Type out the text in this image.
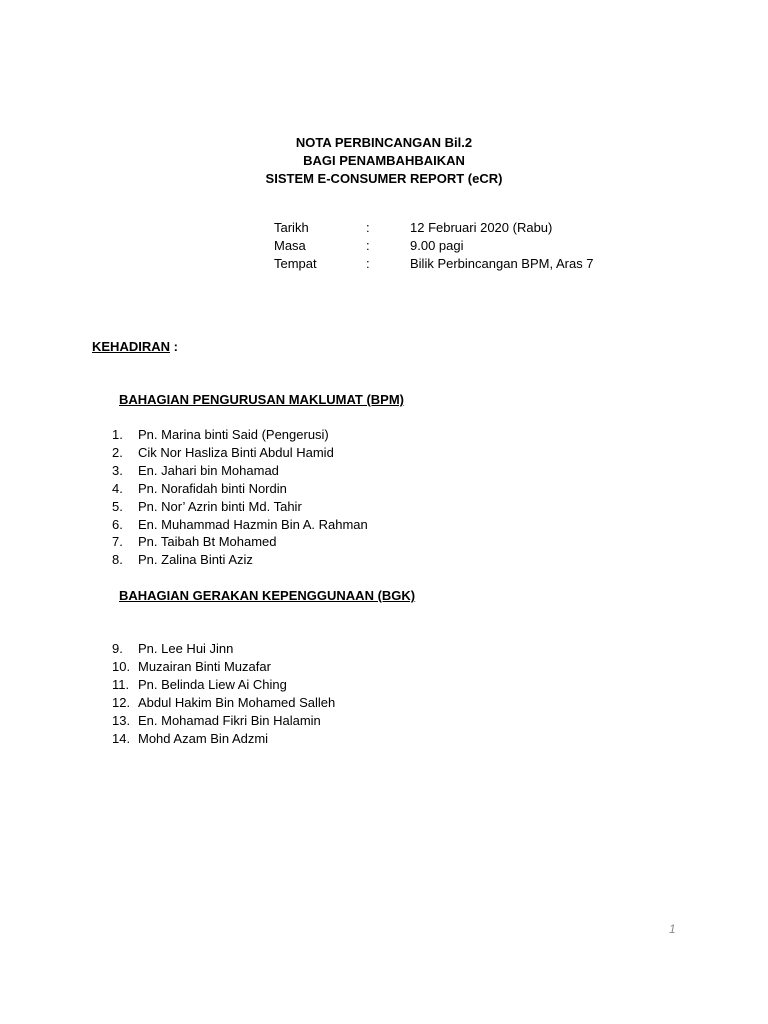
NOTA PERBINCANGAN Bil.2
BAGI PENAMBAHBAIKAN
SISTEM E-CONSUMER REPORT (eCR)
Tarikh	:	12 Februari 2020 (Rabu)
Masa	:	9.00 pagi
Tempat	:	Bilik Perbincangan BPM, Aras 7
KEHADIRAN :
BAHAGIAN PENGURUSAN MAKLUMAT (BPM)
1.	Pn. Marina binti Said (Pengerusi)
2.	Cik Nor Hasliza Binti Abdul Hamid
3.	En. Jahari bin Mohamad
4.	Pn. Norafidah binti Nordin
5.	Pn. Nor’ Azrin binti Md. Tahir
6.	En. Muhammad Hazmin Bin A. Rahman
7.	Pn. Taibah Bt Mohamed
8.	Pn. Zalina Binti Aziz
BAHAGIAN GERAKAN KEPENGGUNAAN (BGK)
9.	Pn. Lee Hui Jinn
10. Muzairan Binti Muzafar
11. Pn. Belinda Liew Ai Ching
12. Abdul Hakim Bin Mohamed Salleh
13. En. Mohamad Fikri Bin Halamin
14. Mohd Azam Bin Adzmi
1
